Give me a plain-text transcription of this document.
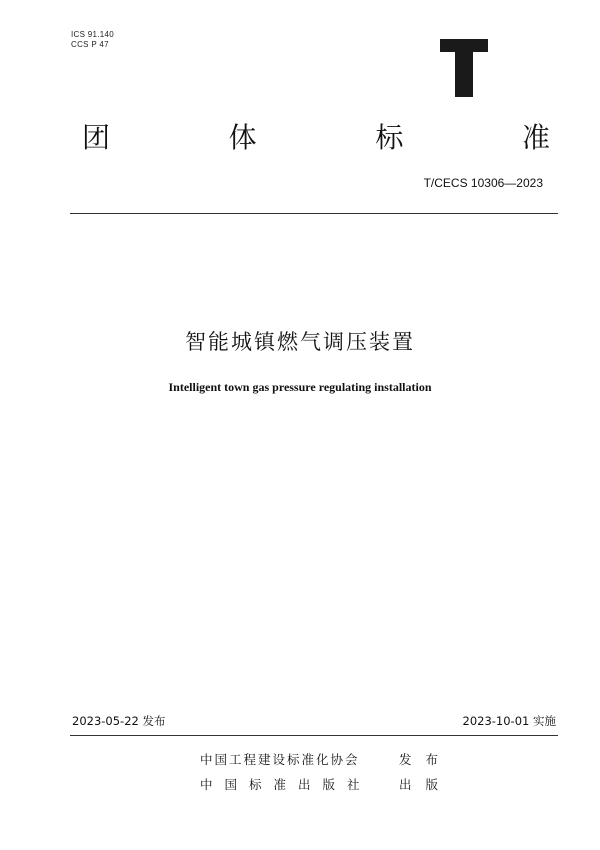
ICS 91.140
CCS P 47
团	体	标	准
T/CECS 10306—2023
智能城镇燃气调压装置
Intelligent town gas pressure regulating installation
2023-05-22 发布	2023-10-01 实施
中国工程建设标准化协会	发布
中国标准出版社 出版
